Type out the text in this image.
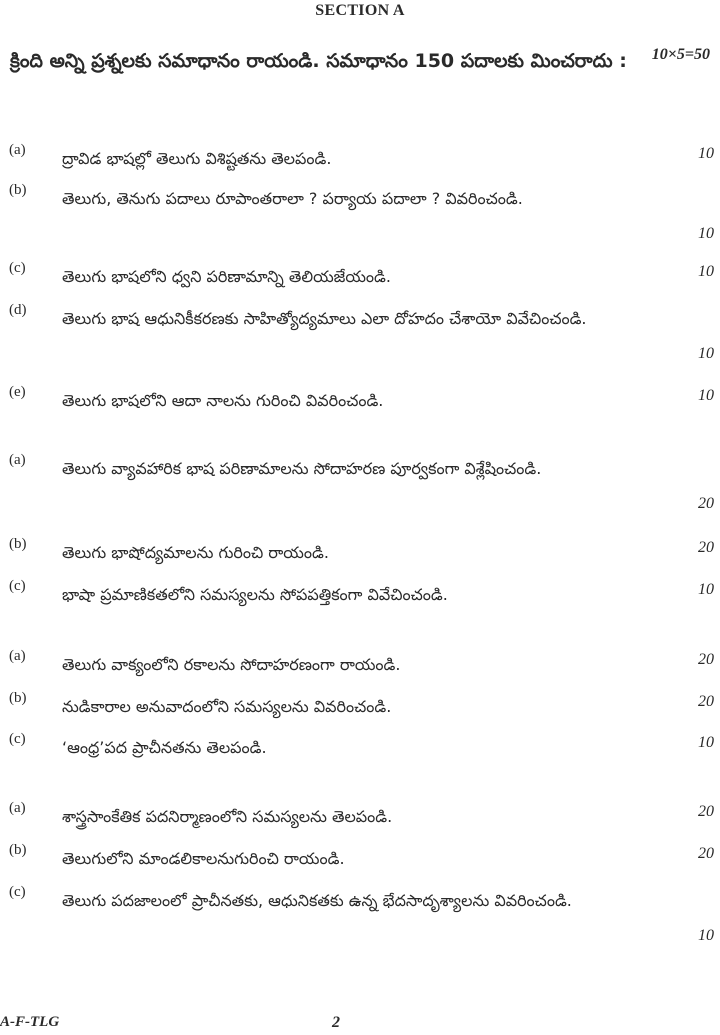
SECTION A
క్రింది అన్ని ప్రశ్నలకు సమాధానం రాయండి. సమాధానం 150 పదాలకు మించరాదు : 10×5=50
(a) ద్రావిడ భాషల్లో తెలుగు విశిష్టతను తెలపండి.	10
(b) తెలుగు, తెనుగు పదాలు రూపాంతరాలా ? పర్యాయ పదాలా ? వివరించండి.
10
(c) తెలుగు భాషలోని ధ్వని పరిణామాన్ని తెలియజేయండి.	10
(d) తెలుగు భాష ఆధునికీకరణకు సాహిత్యోద్యమాలు ఎలా దోహదం చేశాయో వివేచించండి.
10
(e) తెలుగు భాషలోని ఆదా నాలను గురించి వివరించండి.	10
(a) తెలుగు వ్యావహారిక భాష పరిణామాలను సోదాహరణ పూర్వకంగా విశ్లేషించండి.
20
(b) తెలుగు భాషోద్యమాలను గురించి రాయండి.	20
(c) భాషా ప్రమాణికతలోని సమస్యలను సోపపత్తికంగా వివేచించండి.	10
(a) తెలుగు వాక్యంలోని రకాలను సోదాహరణంగా రాయండి.	20
(b) నుడికారాల అనువాదంలోని సమస్యలను వివరించండి.	20
(c) ‘ఆంధ్ర’పద ప్రాచీనతను తెలపండి.	10
(a) శాస్త్రసాంకేతిక పదనిర్మాణంలోని సమస్యలను తెలపండి.	20
(b) తెలుగులోని మాండలికాలనుగురించి రాయండి.	20
(c) తెలుగు పదజాలంలో ప్రాచీనతకు, ఆధునికతకు ఉన్న భేదసాదృశ్యాలను వివరించండి.
10
A-F-TLG	2
